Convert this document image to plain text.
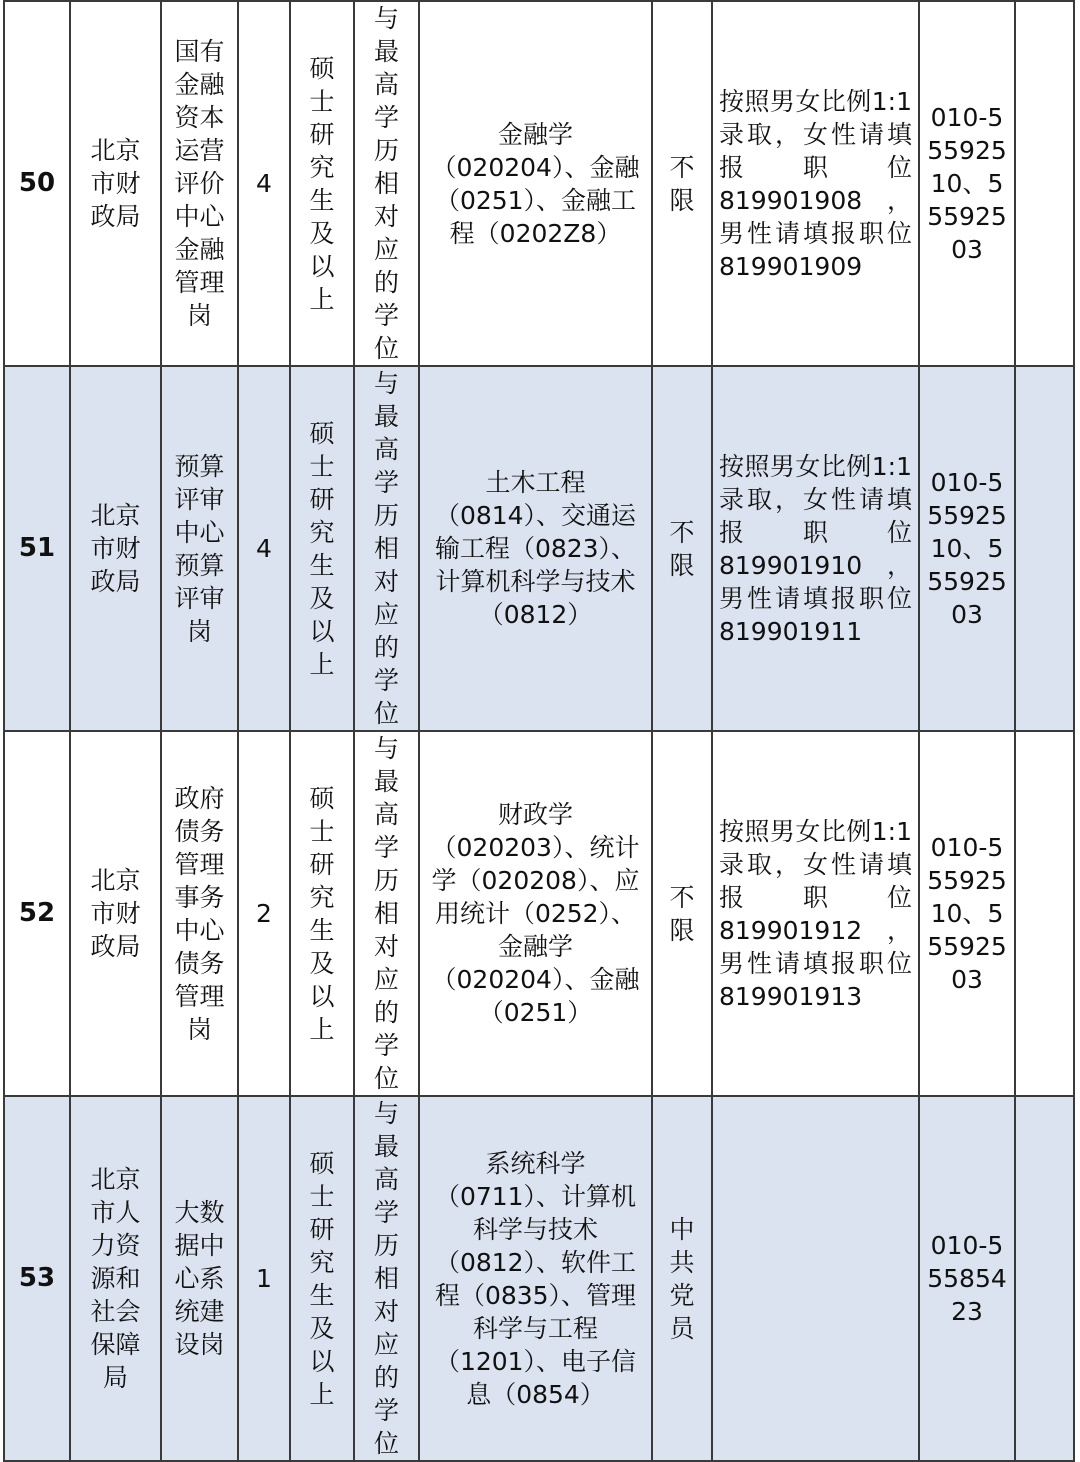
50	北京市财政局	国有金融资本运营评价中心金融管理岗	4	硕士研究生及以上	与最高学历相对应的学位	金融学（020204）、金融（0251）、金融工程（0202Z8）	不限	按照男女比例1:1录取，女性请填报职位819901908，男性请填报职位819901909	010-55592510、55592503	
51	北京市财政局	预算评审中心预算评审岗	4	硕士研究生及以上	与最高学历相对应的学位	土木工程（0814）、交通运输工程（0823）、计算机科学与技术（0812）	不限	按照男女比例1:1录取，女性请填报职位819901910，男性请填报职位819901911	010-55592510、55592503	
52	北京市财政局	政府债务管理事务中心债务管理岗	2	硕士研究生及以上	与最高学历相对应的学位	财政学（020203）、统计学（020208）、应用统计（0252）、金融学（020204）、金融（0251）	不限	按照男女比例1:1录取，女性请填报职位819901912，男性请填报职位819901913	010-55592510、55592503	
53	北京市人力资源和社会保障局	大数据中心系统建设岗	1	硕士研究生及以上	与最高学历相对应的学位	系统科学（0711）、计算机科学与技术（0812）、软件工程（0835）、管理科学与工程（1201）、电子信息（0854）	中共党员		010-55585423	
